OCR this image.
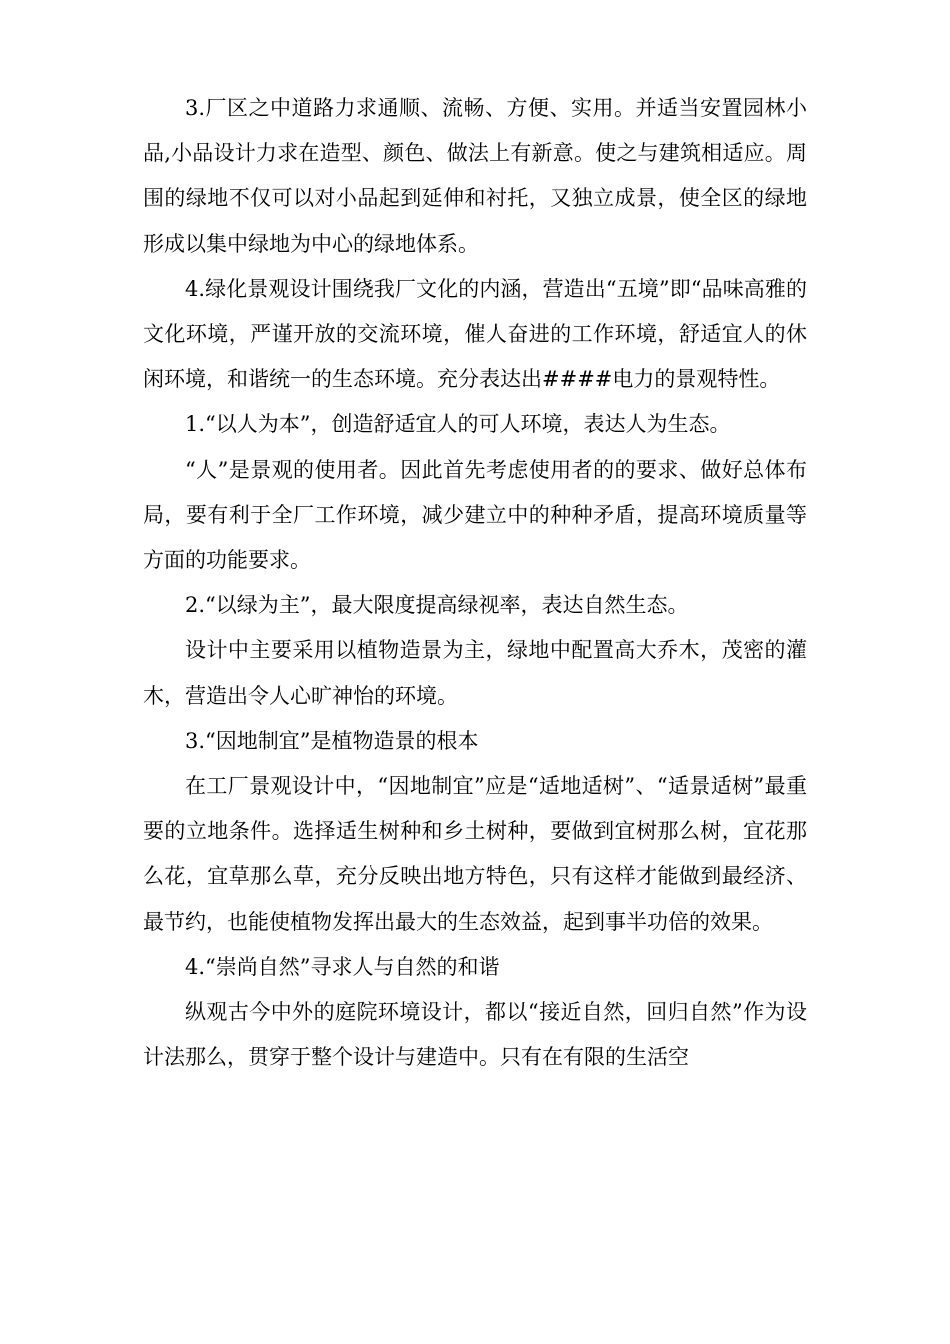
3.厂区之中道路力求通顺、流畅、方便、实用。并适当安置园林小品,小品设计力求在造型、颜色、做法上有新意。使之与建筑相适应。周围的绿地不仅可以对小品起到延伸和衬托，又独立成景，使全区的绿地形成以集中绿地为中心的绿地体系。

4.绿化景观设计围绕我厂文化的内涵，营造出“五境”即“品味高雅的文化环境，严谨开放的交流环境，催人奋进的工作环境，舒适宜人的休闲环境，和谐统一的生态环境。充分表达出####电力的景观特性。

1.“以人为本”，创造舒适宜人的可人环境，表达人为生态。

“人”是景观的使用者。因此首先考虑使用者的的要求、做好总体布局，要有利于全厂工作环境，减少建立中的种种矛盾，提高环境质量等方面的功能要求。

2.“以绿为主”，最大限度提高绿视率，表达自然生态。

设计中主要采用以植物造景为主，绿地中配置高大乔木，茂密的灌木，营造出令人心旷神怡的环境。

3.“因地制宜”是植物造景的根本

在工厂景观设计中，“因地制宜”应是“适地适树”、“适景适树”最重要的立地条件。选择适生树种和乡土树种，要做到宜树那么树，宜花那么花，宜草那么草，充分反映出地方特色，只有这样才能做到最经济、最节约，也能使植物发挥出最大的生态效益，起到事半功倍的效果。

4.“崇尚自然”寻求人与自然的和谐

纵观古今中外的庭院环境设计，都以“接近自然，回归自然”作为设计法那么，贯穿于整个设计与建造中。只有在有限的生活空
